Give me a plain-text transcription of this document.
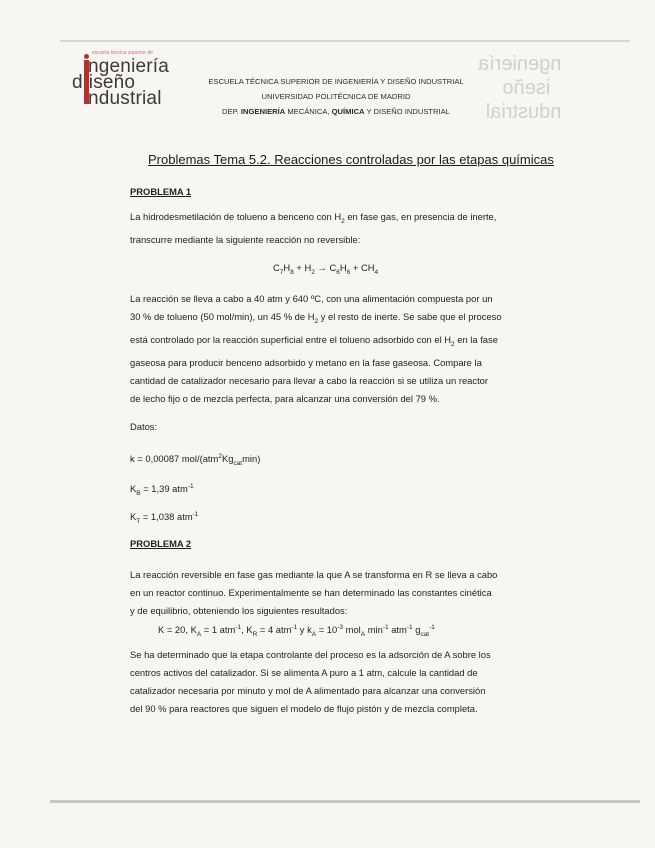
escuela técnica superior de
ngeniería
d iseño
ndustrial
ngeniería
iseño
ndustrial
ESCUELA TÉCNICA SUPERIOR DE INGENIERÍA Y DISEÑO INDUSTRIAL
UNIVERSIDAD POLITÉCNICA DE MADRID
DEP. INGENIERÍA MECÁNICA, QUÍMICA Y DISEÑO INDUSTRIAL
Problemas Tema 5.2. Reacciones controladas por las etapas químicas
PROBLEMA 1
La hidrodesmetilación de tolueno a benceno con $H_2$ en fase gas, en presencia de inerte,
transcurre mediante la siguiente reacción no reversible:
$C_7H_8 + H_2 \to C_6H_6 + CH_4$
La reacción se lleva a cabo a 40 atm y 640 ºC, con una alimentación compuesta por un
30 % de tolueno (50 mol/min), un 45 % de $H_2$ y el resto de inerte. Se sabe que el proceso
está controlado por la reacción superficial entre el tolueno adsorbido con el $H_2$ en la fase
gaseosa para producir benceno adsorbido y metano en la fase gaseosa. Compare la
cantidad de catalizador necesario para llevar a cabo la reacción si se utiliza un reactor
de lecho fijo o de mezcla perfecta, para alcanzar una conversión del 79 %.
Datos:
k = 0,00087 mol/$(atm^2Kg_{cat}\min)$
$K_B = 1,39$ atm$^{-1}$
$K_T = 1,038$ atm$^{-1}$
PROBLEMA 2
La reacción reversible en fase gas mediante la que A se transforma en R se lleva a cabo
en un reactor continuo. Experimentalmente se han determinado las constantes cinética
y de equilibrio, obteniendo los siguientes resultados:
K = 20, $K_A = 1$ atm$^{-1}$, $K_R = 4$ atm$^{-1}$ y $k_A = 10^{-3}$ mol$_A$ $\min^{-1} atm^{-1}$ $g_{cat}^{-1}$
Se ha determinado que la etapa controlante del proceso es la adsorción de A sobre los
centros activos del catalizador. Si se alimenta A puro a 1 atm, calcule la cantidad de
catalizador necesaria por minuto y mol de A alimentado para alcanzar una conversión
del 90 % para reactores que siguen el modelo de flujo pistón y de mezcla completa.
